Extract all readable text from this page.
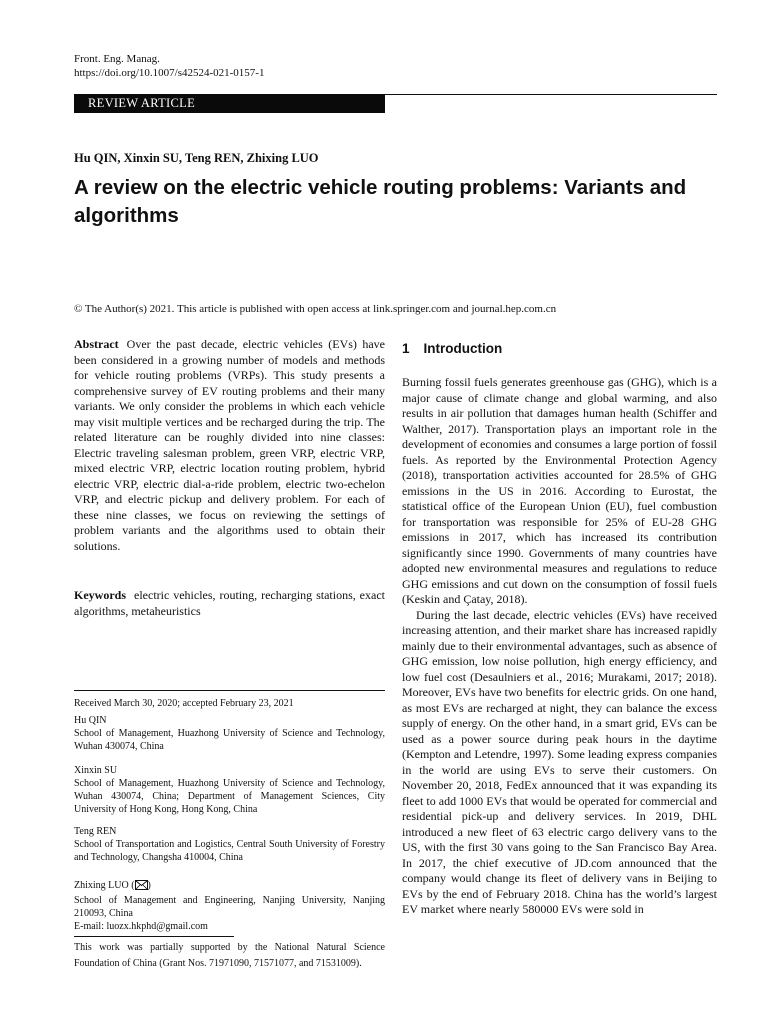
Front. Eng. Manag.
https://doi.org/10.1007/s42524-021-0157-1
REVIEW ARTICLE
Hu QIN, Xinxin SU, Teng REN, Zhixing LUO
A review on the electric vehicle routing problems: Variants and algorithms
© The Author(s) 2021. This article is published with open access at link.springer.com and journal.hep.com.cn
Abstract Over the past decade, electric vehicles (EVs) have been considered in a growing number of models and methods for vehicle routing problems (VRPs). This study presents a comprehensive survey of EV routing problems and their many variants. We only consider the problems in which each vehicle may visit multiple vertices and be recharged during the trip. The related literature can be roughly divided into nine classes: Electric traveling salesman problem, green VRP, electric VRP, mixed electric VRP, electric location routing problem, hybrid electric VRP, electric dial-a-ride problem, electric two-echelon VRP, and electric pickup and delivery problem. For each of these nine classes, we focus on reviewing the settings of problem variants and the algorithms used to obtain their solutions.
Keywords electric vehicles, routing, recharging stations, exact algorithms, metaheuristics
Received March 30, 2020; accepted February 23, 2021
Hu QIN
School of Management, Huazhong University of Science and Technology, Wuhan 430074, China
Xinxin SU
School of Management, Huazhong University of Science and Technology, Wuhan 430074, China; Department of Management Sciences, City University of Hong Kong, Hong Kong, China
Teng REN
School of Transportation and Logistics, Central South University of Forestry and Technology, Changsha 410004, China
Zhixing LUO ( )
School of Management and Engineering, Nanjing University, Nanjing 210093, China
E-mail: luozx.hkphd@gmail.com
This work was partially supported by the National Natural Science Foundation of China (Grant Nos. 71971090, 71571077, and 71531009).
1 Introduction

Burning fossil fuels generates greenhouse gas (GHG), which is a major cause of climate change and global warming, and also results in air pollution that damages human health (Schiffer and Walther, 2017). Transportation plays an important role in the development of economies and consumes a large portion of fossil fuels. As reported by the Environmental Protection Agency (2018), transportation activities accounted for 28.5% of GHG emissions in the US in 2016. According to Eurostat, the statistical office of the European Union (EU), fuel combustion for transportation was responsible for 25% of EU-28 GHG emissions in 2017, which has increased its contribution significantly since 1990. Governments of many countries have adopted new environmental measures and regulations to reduce GHG emissions and cut down on the consumption of fossil fuels (Keskin and Çatay, 2018).

During the last decade, electric vehicles (EVs) have received increasing attention, and their market share has increased rapidly mainly due to their environmental advantages, such as absence of GHG emission, low noise pollution, high energy efficiency, and low fuel cost (Desaulniers et al., 2016; Murakami, 2017; 2018). Moreover, EVs have two benefits for electric grids. On one hand, as most EVs are recharged at night, they can balance the excess supply of energy. On the other hand, in a smart grid, EVs can be used as a power source during peak hours in the daytime (Kempton and Letendre, 1997). Some leading express companies in the world are using EVs to serve their customers. On November 20, 2018, FedEx announced that it was expanding its fleet to add 1000 EVs that would be operated for commercial and residential pick-up and delivery services. In 2019, DHL introduced a new fleet of 63 electric cargo delivery vans to the US, with the first 30 vans going to the San Francisco Bay Area. In 2017, the chief executive of JD.com announced that the company would change its fleet of delivery vans in Beijing to EVs by the end of February 2018. China has the world’s largest EV market where nearly 580000 EVs were sold in
